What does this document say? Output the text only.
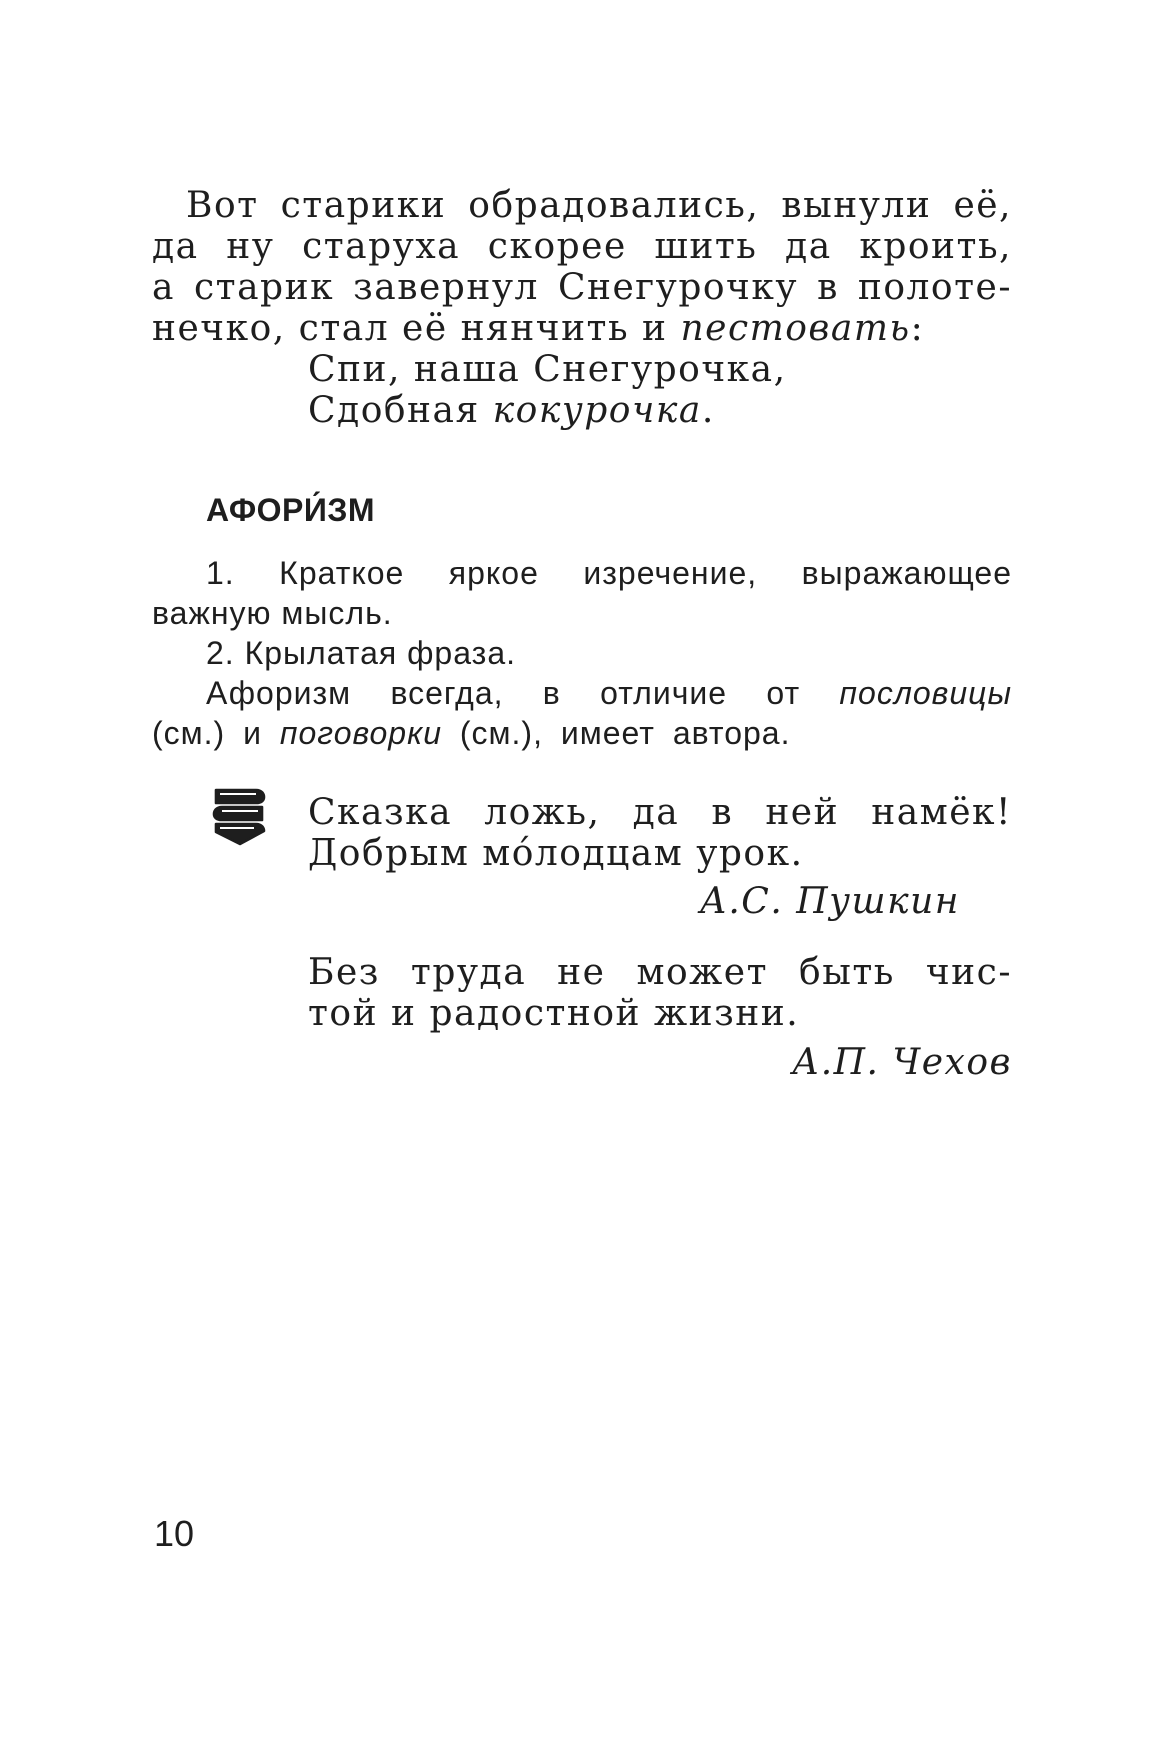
Вот старики обрадовались, вынули её,
да ну старуха скорее шить да кроить,
а старик завернул Снегурочку в полоте-
нечко, стал её нянчить и пестовать:
Спи, наша Снегурочка,
Сдобная кокурочка.
АФОРИ́ЗМ
1. Краткое яркое изречение, выражающее
важную мысль.
2. Крылатая фраза.
Афоризм всегда, в отличие от пословицы
(см.) и поговорки (см.), имеет автора.
Сказка ложь, да в ней намёк!
Добрым мо́лодцам урок.
А.С. Пушкин
Без труда не может быть чис-
той и радостной жизни.
А.П. Чехов
10
